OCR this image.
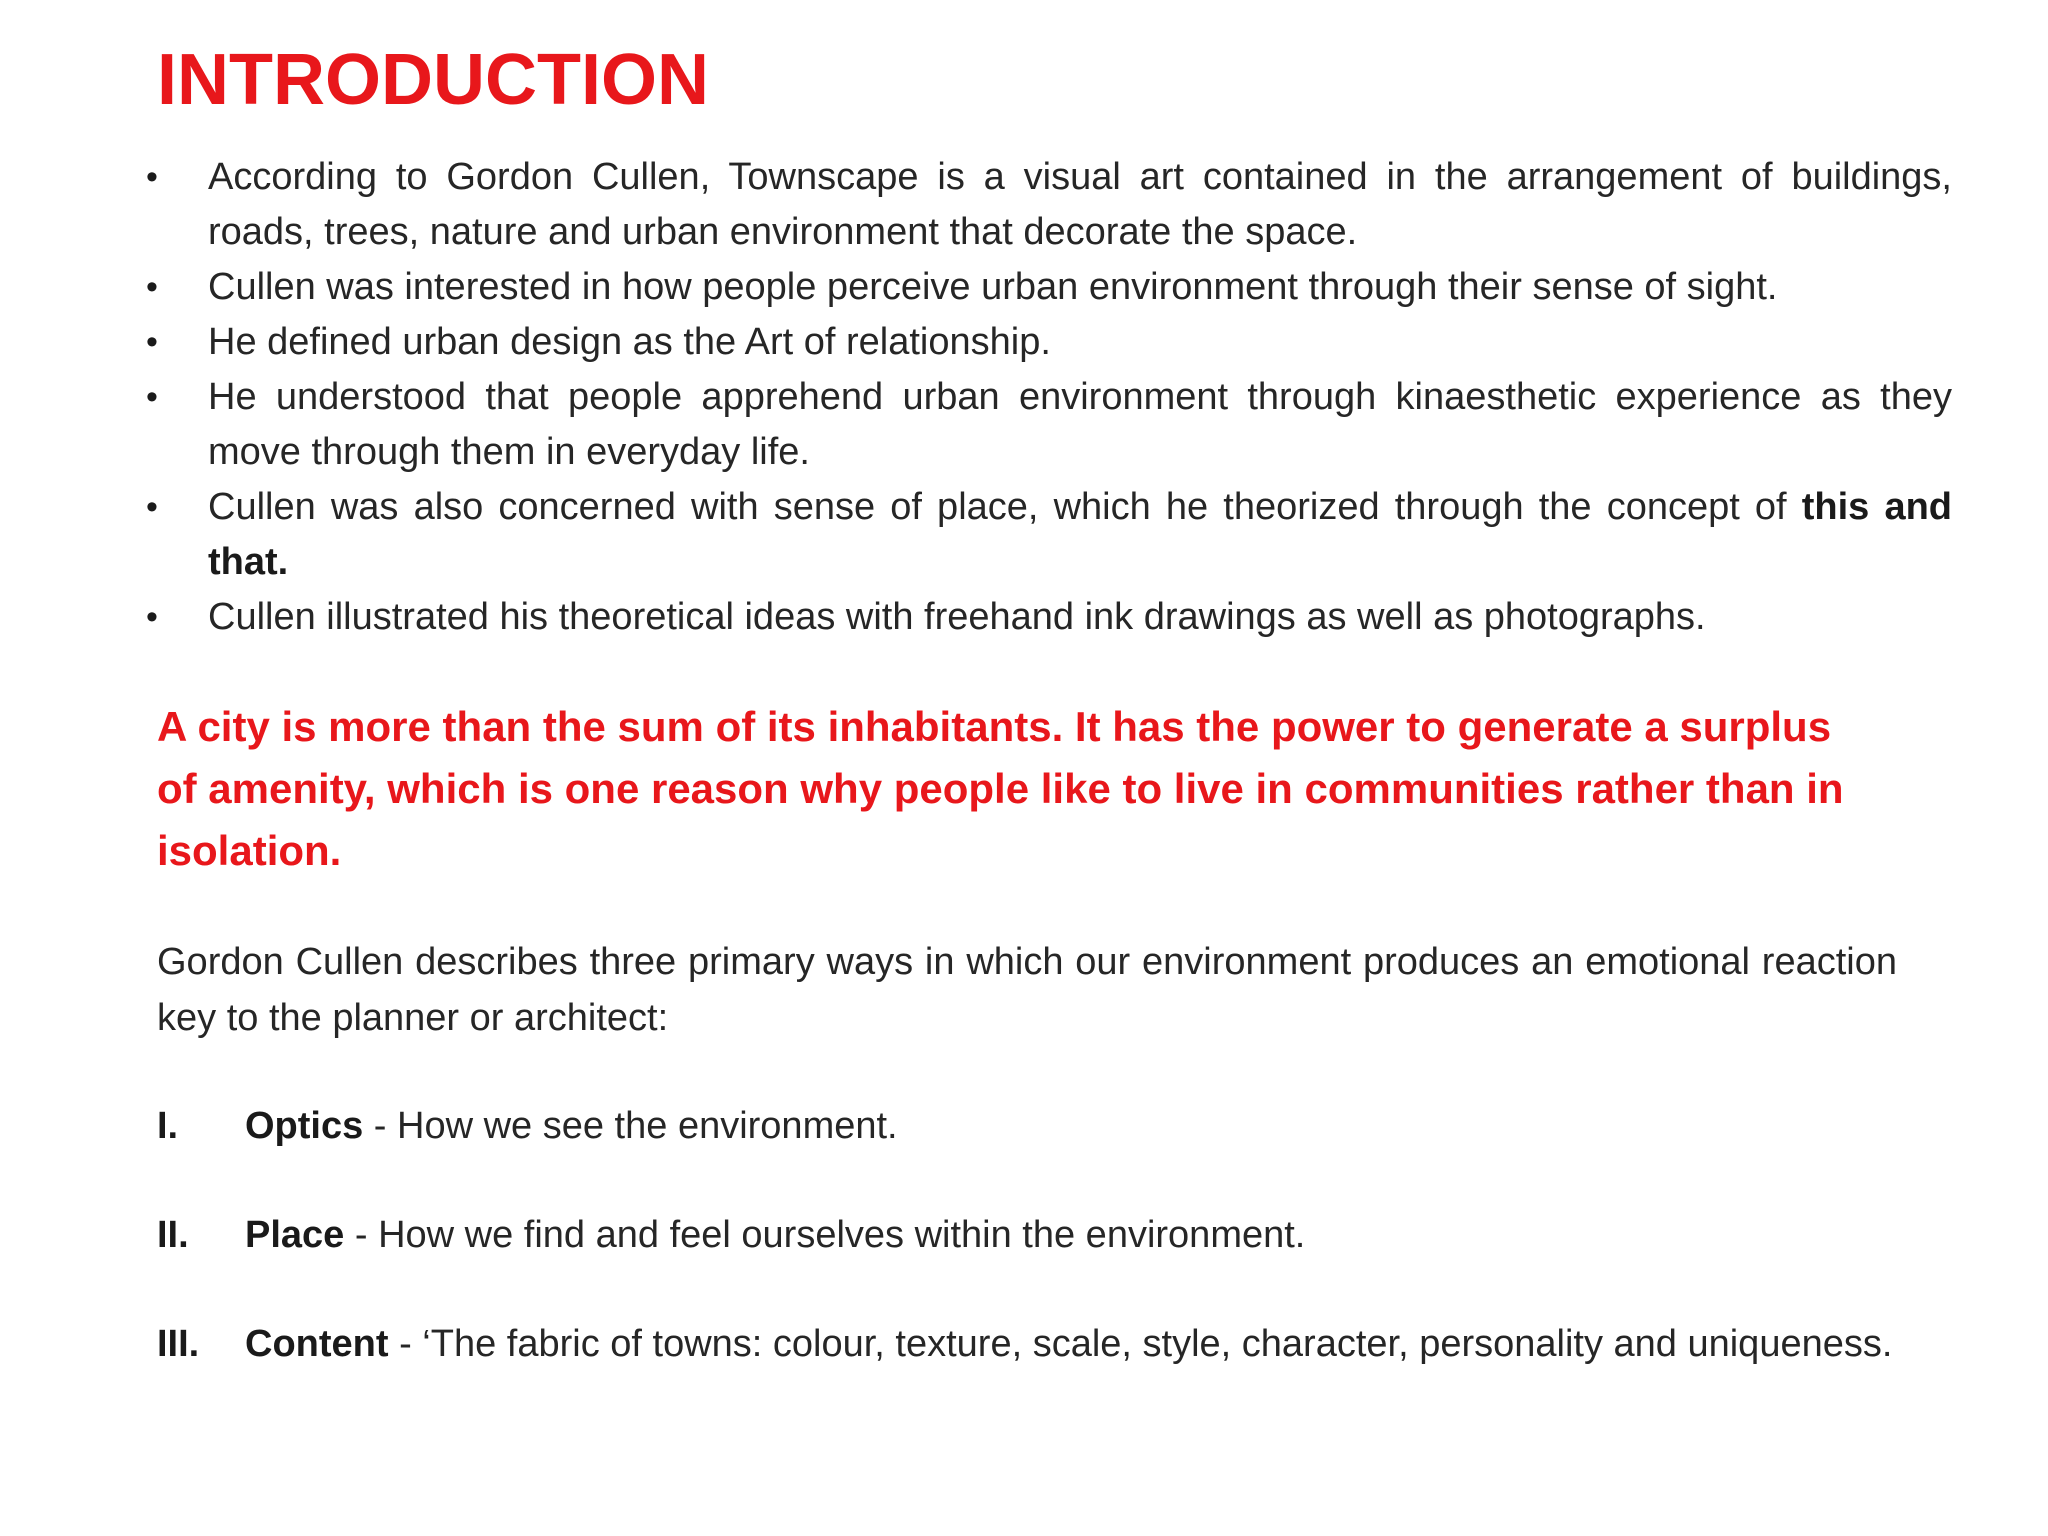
INTRODUCTION
• According to Gordon Cullen, Townscape is a visual art contained in the arrangement of buildings, roads, trees, nature and urban environment that decorate the space.
• Cullen was interested in how people perceive urban environment through their sense of sight.
• He defined urban design as the Art of relationship.
• He understood that people apprehend urban environment through kinaesthetic experience as they move through them in everyday life.
• Cullen was also concerned with sense of place, which he theorized through the concept of this and that.
• Cullen illustrated his theoretical ideas with freehand ink drawings as well as photographs.

A city is more than the sum of its inhabitants. It has the power to generate a surplus of amenity, which is one reason why people like to live in communities rather than in isolation.

Gordon Cullen describes three primary ways in which our environment produces an emotional reaction key to the planner or architect:

I. Optics - How we see the environment.
II. Place - How we find and feel ourselves within the environment.
III. Content - ‘The fabric of towns: colour, texture, scale, style, character, personality and uniqueness.
